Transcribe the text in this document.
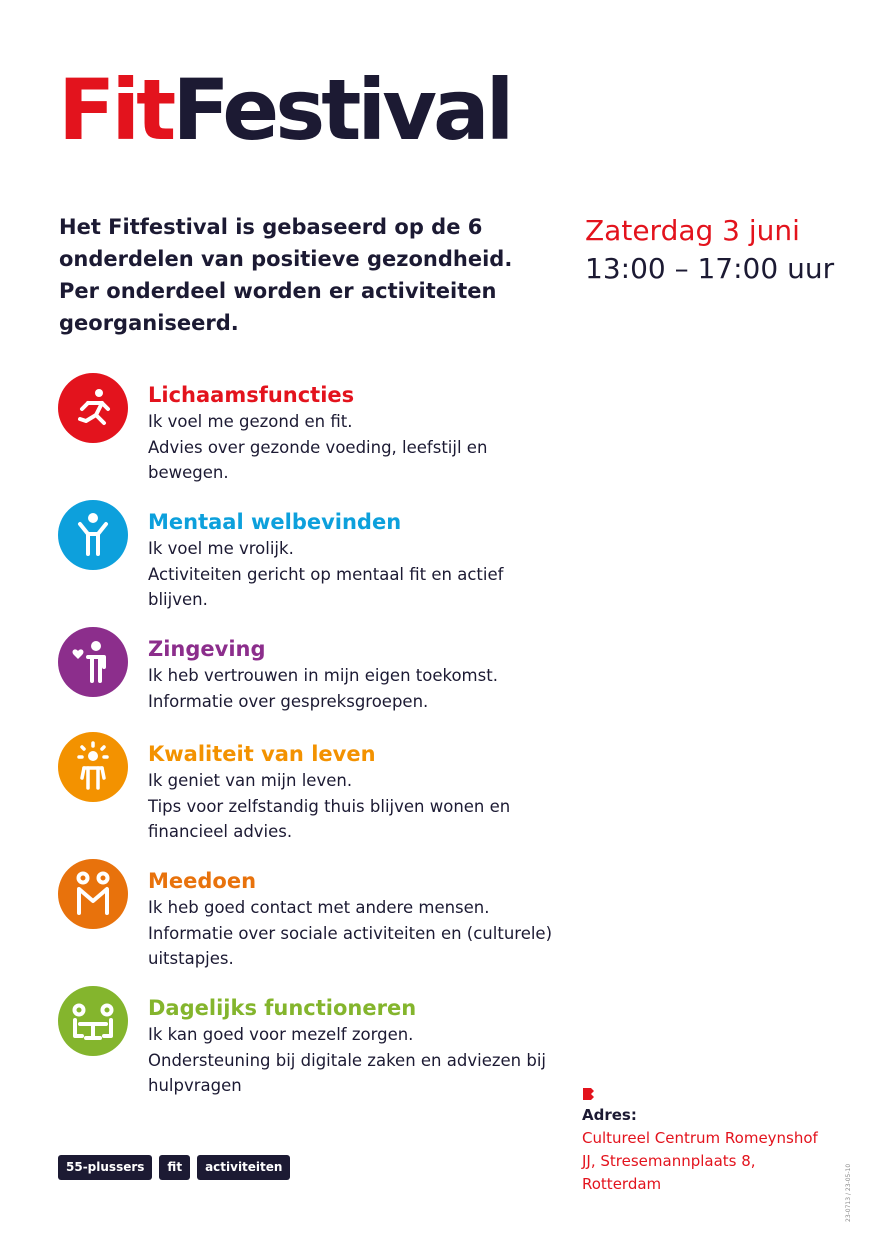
FitFestival

Het Fitfestival is gebaseerd op de 6 onderdelen van positieve gezondheid. Per onderdeel worden er activiteiten georganiseerd.

Zaterdag 3 juni
13:00 – 17:00 uur
Lichaamsfuncties

Ik voel me gezond en fit.

Advies over gezonde voeding, leefstijl en bewegen.

Mentaal welbevinden

Ik voel me vrolijk.

Activiteiten gericht op mentaal fit en actief blijven.

Zingeving

Ik heb vertrouwen in mijn eigen toekomst.

Informatie over gespreksgroepen.

Kwaliteit van leven

Ik geniet van mijn leven.

Tips voor zelfstandig thuis blijven wonen en financieel advies.

Meedoen

Ik heb goed contact met andere mensen.

Informatie over sociale activiteiten en (culturele) uitstapjes.

Dagelijks functioneren

Ik kan goed voor mezelf zorgen.

Ondersteuning bij digitale zaken en adviezen bij hulpvragen

55-plussers	fit	activiteiten
Adres:
Cultureel Centrum Romeynshof
JJ, Stresemannplaats 8,
Rotterdam	23-0713 / 23-05-10
